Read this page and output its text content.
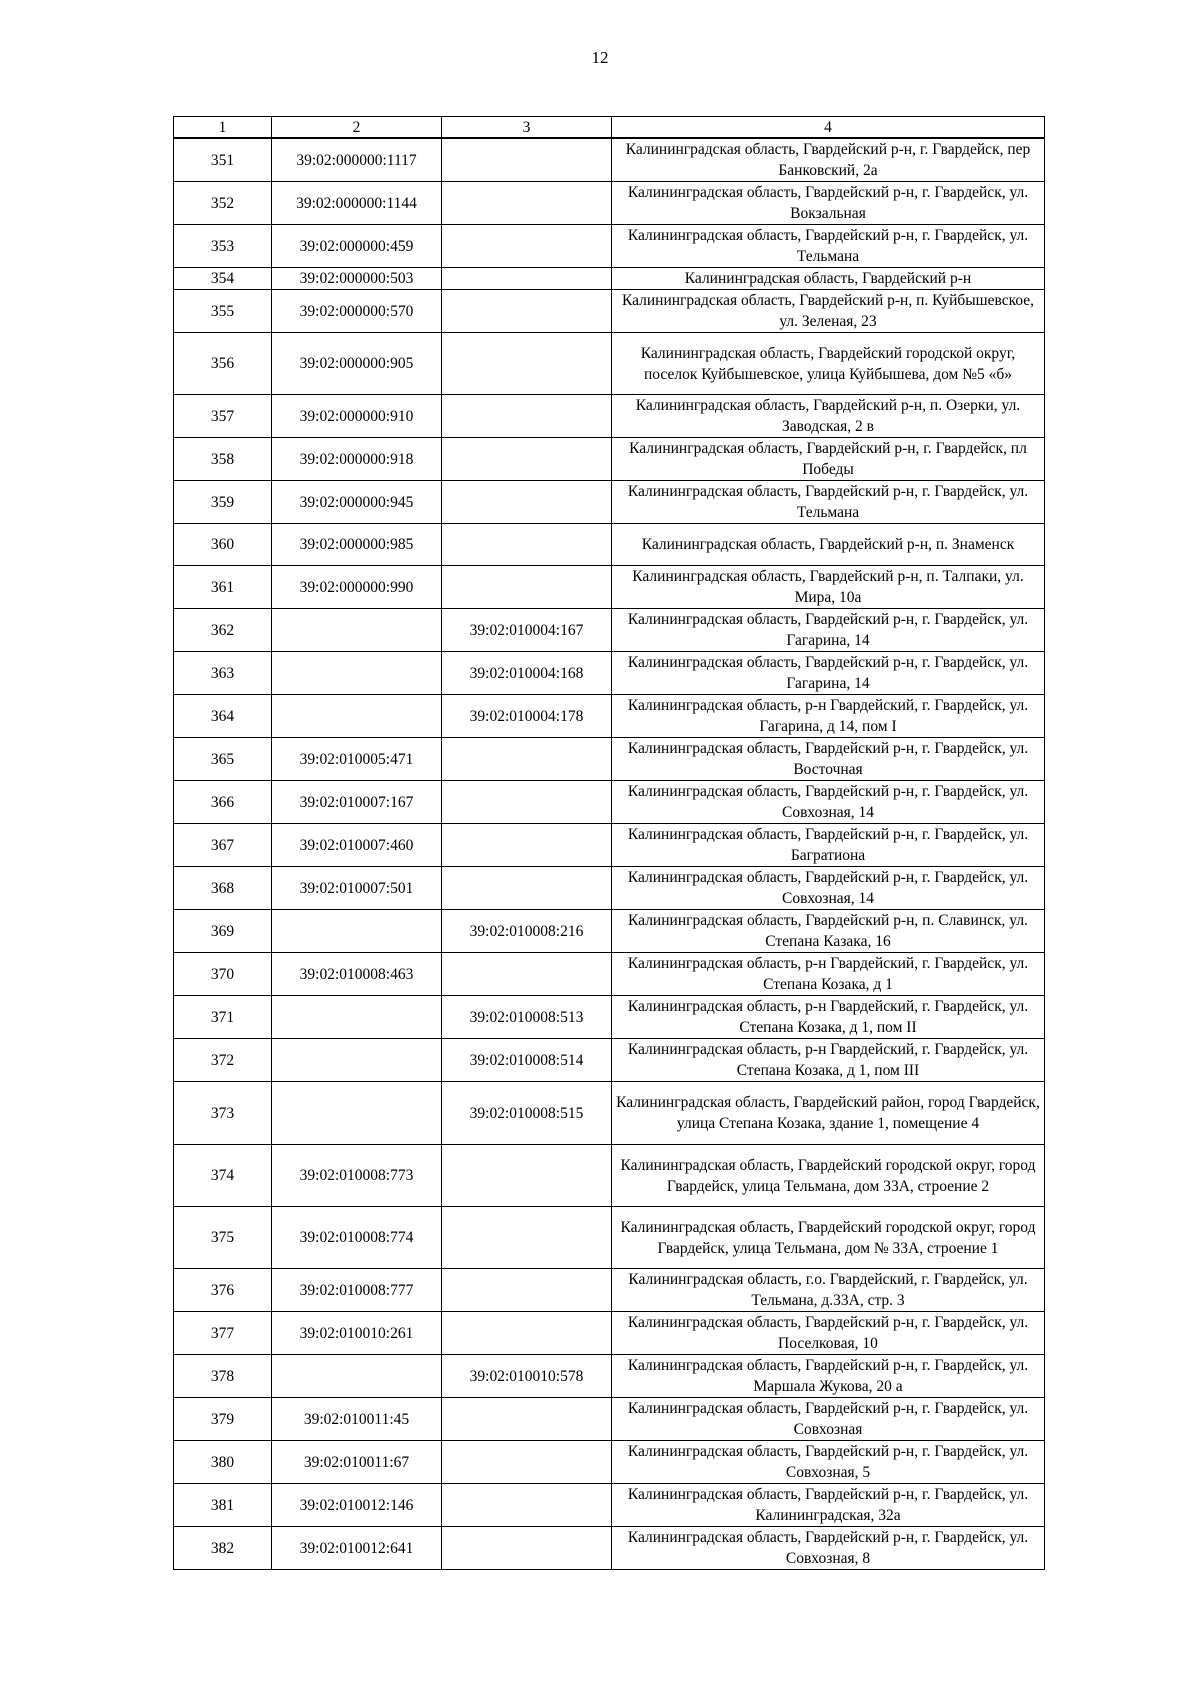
12
1	2	3	4
351	39:02:000000:1117		Калининградская область, Гвардейский р-н, г. Гвардейск, пер Банковский, 2а
352	39:02:000000:1144		Калининградская область, Гвардейский р-н, г. Гвардейск, ул. Вокзальная
353	39:02:000000:459		Калининградская область, Гвардейский р-н, г. Гвардейск, ул. Тельмана
354	39:02:000000:503		Калининградская область, Гвардейский р-н
355	39:02:000000:570		Калининградская область, Гвардейский р-н, п. Куйбышевское, ул. Зеленая, 23
356	39:02:000000:905		Калининградская область, Гвардейский городской округ, поселок Куйбышевское, улица Куйбышева, дом №5 «б»
357	39:02:000000:910		Калининградская область, Гвардейский р-н, п. Озерки, ул. Заводская, 2 в
358	39:02:000000:918		Калининградская область, Гвардейский р-н, г. Гвардейск, пл Победы
359	39:02:000000:945		Калининградская область, Гвардейский р-н, г. Гвардейск, ул. Тельмана
360	39:02:000000:985		Калининградская область, Гвардейский р-н, п. Знаменск
361	39:02:000000:990		Калининградская область, Гвардейский р-н, п. Талпаки, ул. Мира, 10а
362		39:02:010004:167	Калининградская область, Гвардейский р-н, г. Гвардейск, ул. Гагарина, 14
363		39:02:010004:168	Калининградская область, Гвардейский р-н, г. Гвардейск, ул. Гагарина, 14
364		39:02:010004:178	Калининградская область, р-н Гвардейский, г. Гвардейск, ул. Гагарина, д 14, пом I
365	39:02:010005:471		Калининградская область, Гвардейский р-н, г. Гвардейск, ул. Восточная
366	39:02:010007:167		Калининградская область, Гвардейский р-н, г. Гвардейск, ул. Совхозная, 14
367	39:02:010007:460		Калининградская область, Гвардейский р-н, г. Гвардейск, ул. Багратиона
368	39:02:010007:501		Калининградская область, Гвардейский р-н, г. Гвардейск, ул. Совхозная, 14
369		39:02:010008:216	Калининградская область, Гвардейский р-н, п. Славинск, ул. Степана Казака, 16
370	39:02:010008:463		Калининградская область, р-н Гвардейский, г. Гвардейск, ул. Степана Козака, д 1
371		39:02:010008:513	Калининградская область, р-н Гвардейский, г. Гвардейск, ул. Степана Козака, д 1, пом II
372		39:02:010008:514	Калининградская область, р-н Гвардейский, г. Гвардейск, ул. Степана Козака, д 1, пом III
373		39:02:010008:515	Калининградская область, Гвардейский район, город Гвардейск, улица Степана Козака, здание 1, помещение 4
374	39:02:010008:773		Калининградская область, Гвардейский городской округ, город Гвардейск, улица Тельмана, дом 33А, строение 2
375	39:02:010008:774		Калининградская область, Гвардейский городской округ, город Гвардейск, улица Тельмана, дом № 33А, строение 1
376	39:02:010008:777		Калининградская область, г.о. Гвардейский, г. Гвардейск, ул. Тельмана, д.33А, стр. 3
377	39:02:010010:261		Калининградская область, Гвардейский р-н, г. Гвардейск, ул. Поселковая, 10
378		39:02:010010:578	Калининградская область, Гвардейский р-н, г. Гвардейск, ул. Маршала Жукова, 20 а
379	39:02:010011:45		Калининградская область, Гвардейский р-н, г. Гвардейск, ул. Совхозная
380	39:02:010011:67		Калининградская область, Гвардейский р-н, г. Гвардейск, ул. Совхозная, 5
381	39:02:010012:146		Калининградская область, Гвардейский р-н, г. Гвардейск, ул. Калининградская, 32а
382	39:02:010012:641		Калининградская область, Гвардейский р-н, г. Гвардейск, ул. Совхозная, 8
